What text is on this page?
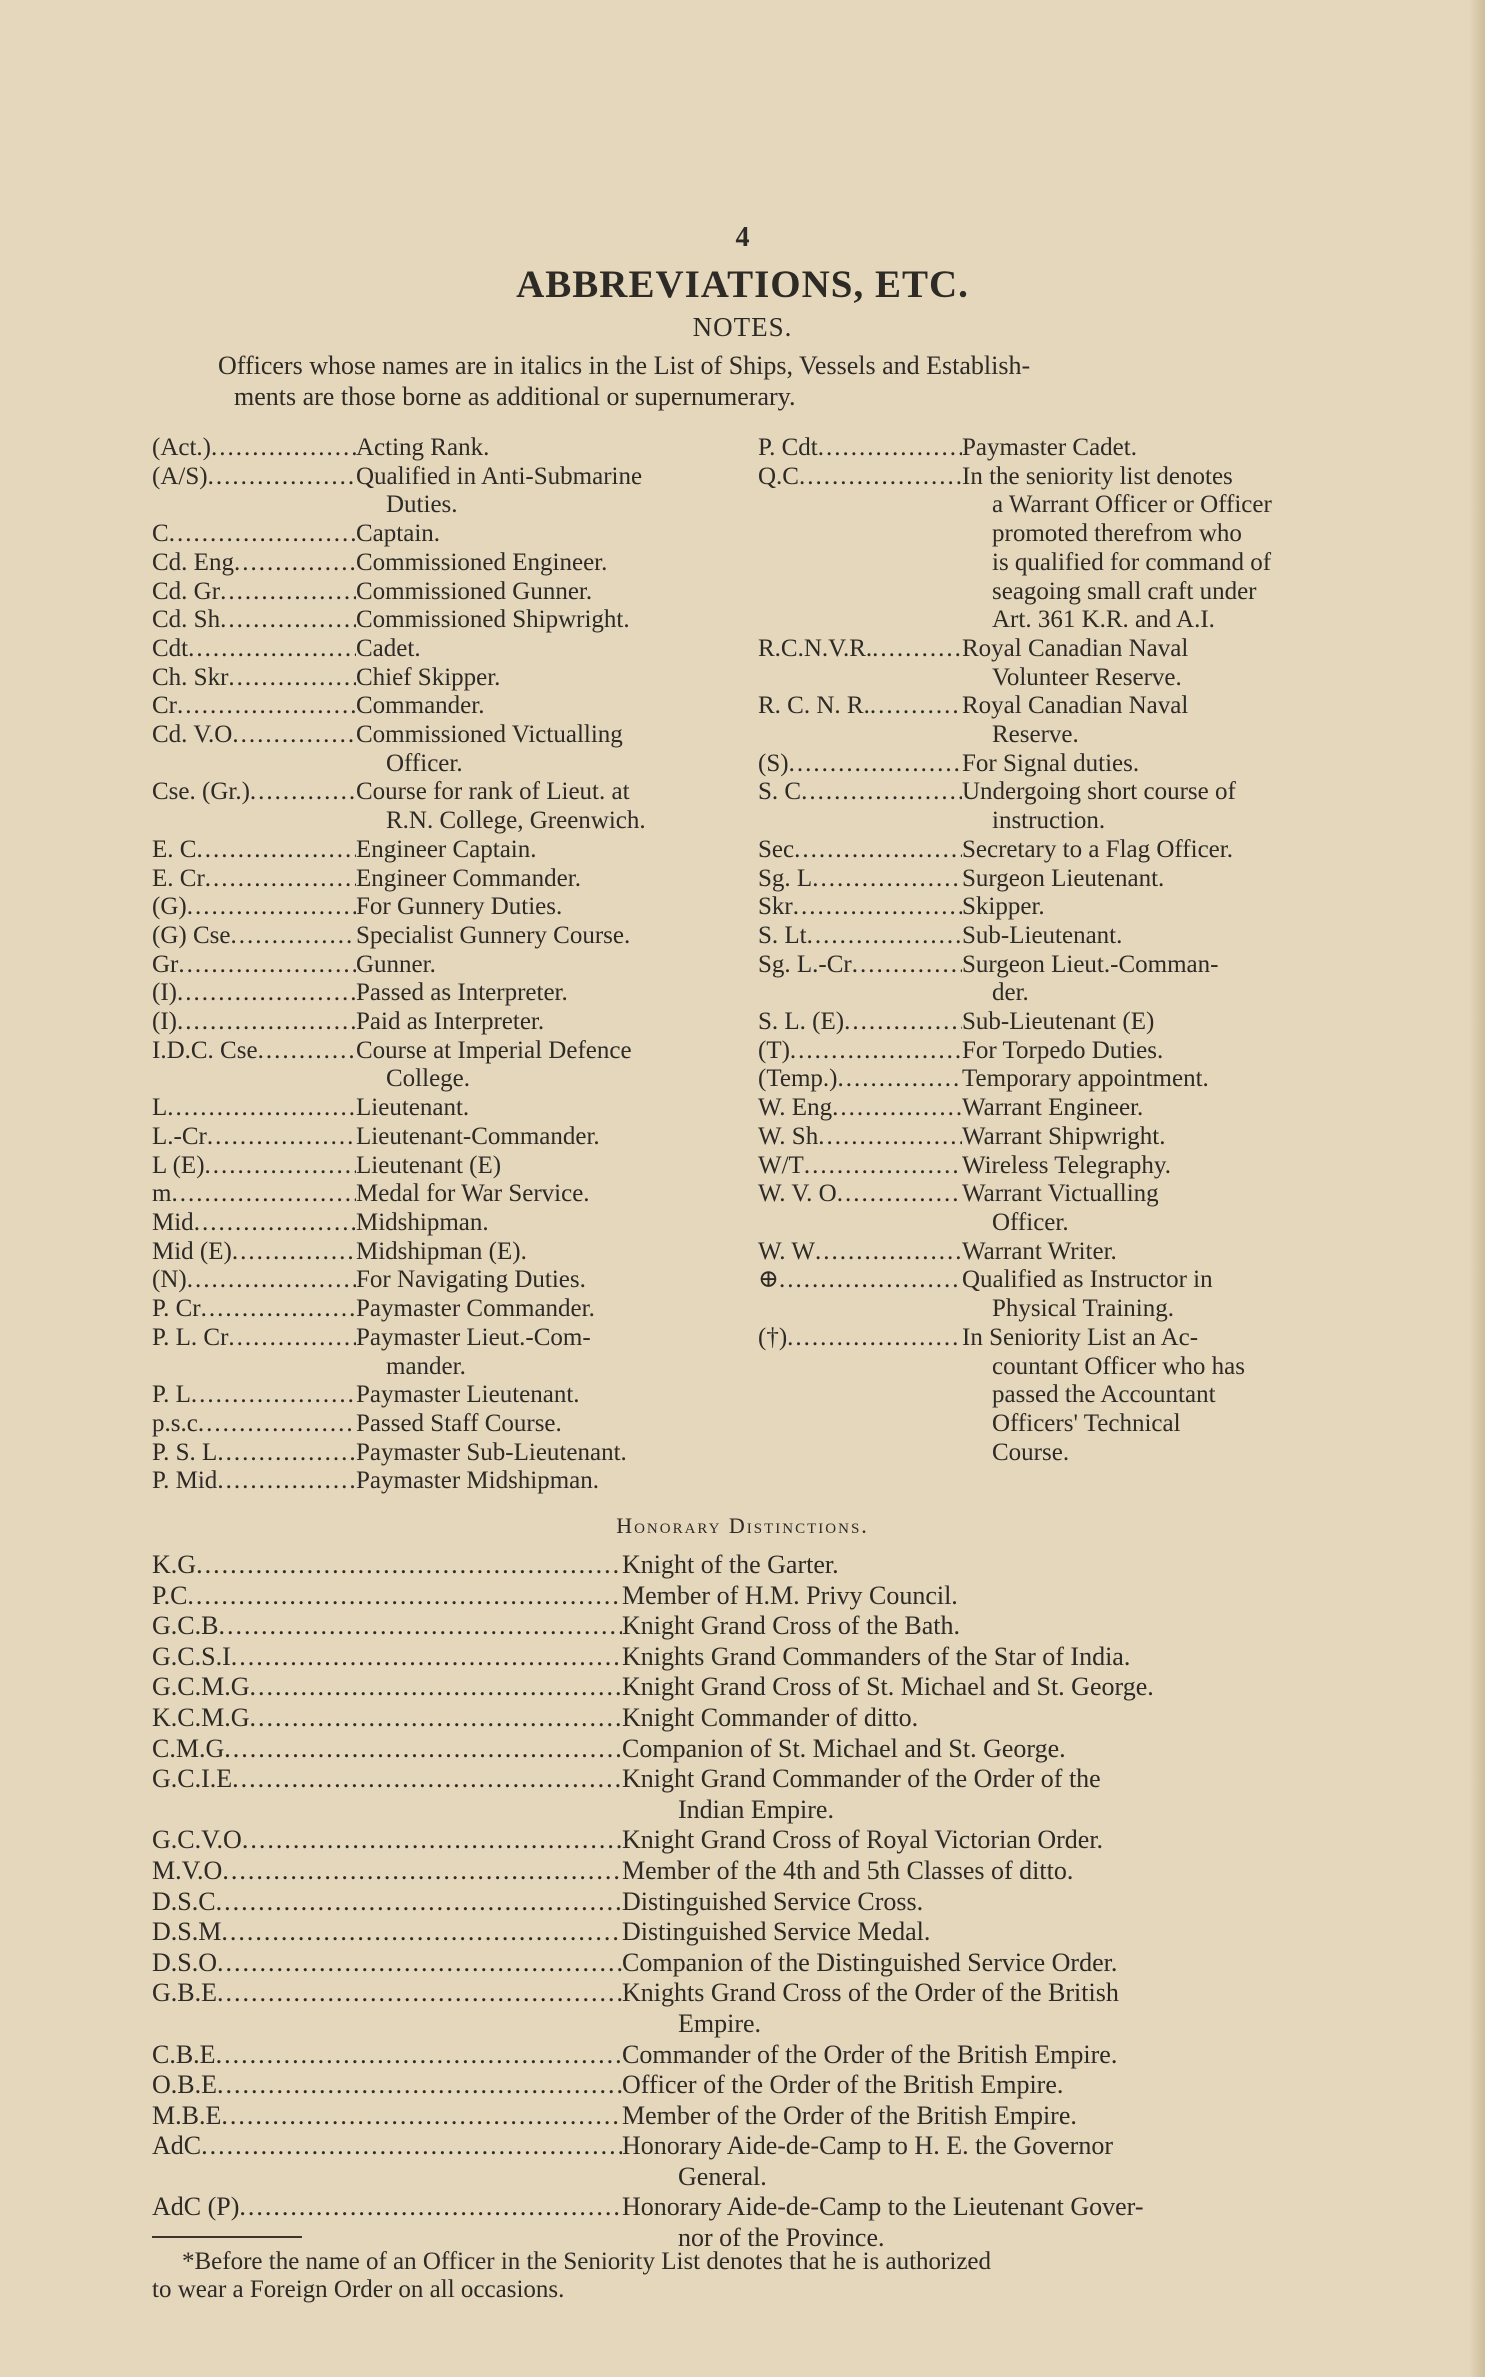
4
ABBREVIATIONS, ETC.
NOTES.
Officers whose names are in italics in the List of Ships, Vessels and Establish-
ments are those borne as additional or supernumerary.
(Act.) .....	Acting Rank.
(A/S) .....	Qualified in Anti-Submarine
Duties.
C .....	Captain.
Cd. Eng .....	Commissioned Engineer.
Cd. Gr .....	Commissioned Gunner.
Cd. Sh .....	Commissioned Shipwright.
Cdt .....	Cadet.
Ch. Skr .....	Chief Skipper.
Cr .....	Commander.
Cd. V.O .....	Commissioned Victualling
Officer.
Cse. (Gr.) .....	Course for rank of Lieut. at
R.N. College, Greenwich.
E. C .....	Engineer Captain.
E. Cr .....	Engineer Commander.
(G) .....	For Gunnery Duties.
(G) Cse .....	Specialist Gunnery Course.
Gr .....	Gunner.
(I) .....	Passed as Interpreter.
(I) .....	Paid as Interpreter.
I.D.C. Cse .....	Course at Imperial Defence
College.
L .....	Lieutenant.
L.-Cr .....	Lieutenant-Commander.
L (E) .....	Lieutenant (E)
m .....	Medal for War Service.
Mid .....	Midshipman.
Mid (E) .....	Midshipman (E).
(N) .....	For Navigating Duties.
P. Cr .....	Paymaster Commander.
P. L. Cr .....	Paymaster Lieut.-Com-
mander.
P. L .....	Paymaster Lieutenant.
p.s.c .....	Passed Staff Course.
P. S. L .....	Paymaster Sub-Lieutenant.
P. Mid .....	Paymaster Midshipman.
P. Cdt .....	Paymaster Cadet.
Q.C .....	In the seniority list denotes
a Warrant Officer or Officer
promoted therefrom who
is qualified for command of
seagoing small craft under
Art. 361 K.R. and A.I.
R.C.N.V.R. .....	Royal Canadian Naval
Volunteer Reserve.
R. C. N. R. .....	Royal Canadian Naval
Reserve.
(S) .....	For Signal duties.
S. C .....	Undergoing short course of
instruction.
Sec .....	Secretary to a Flag Officer.
Sg. L .....	Surgeon Lieutenant.
Skr .....	Skipper.
S. Lt .....	Sub-Lieutenant.
Sg. L.-Cr .....	Surgeon Lieut.-Comman-
der.
S. L. (E) .....	Sub-Lieutenant (E)
(T) .....	For Torpedo Duties.
(Temp.) .....	Temporary appointment.
W. Eng .....	Warrant Engineer.
W. Sh .....	Warrant Shipwright.
W/T .....	Wireless Telegraphy.
W. V. O .....	Warrant Victualling
Officer.
W. W .....	Warrant Writer.
⊕ .....	Qualified as Instructor in
Physical Training.
(†) .....	In Seniority List an Ac-
countant Officer who has
passed the Accountant
Officers' Technical
Course.
Honorary Distinctions.
K.G .....	Knight of the Garter.
P.C .....	Member of H.M. Privy Council.
G.C.B .....	Knight Grand Cross of the Bath.
G.C.S.I .....	Knights Grand Commanders of the Star of India.
G.C.M.G .....	Knight Grand Cross of St. Michael and St. George.
K.C.M.G .....	Knight Commander of ditto.
C.M.G .....	Companion of St. Michael and St. George.
G.C.I.E .....	Knight Grand Commander of the Order of the
Indian Empire.
G.C.V.O .....	Knight Grand Cross of Royal Victorian Order.
M.V.O .....	Member of the 4th and 5th Classes of ditto.
D.S.C .....	Distinguished Service Cross.
D.S.M .....	Distinguished Service Medal.
D.S.O .....	Companion of the Distinguished Service Order.
G.B.E .....	Knights Grand Cross of the Order of the British
Empire.
C.B.E .....	Commander of the Order of the British Empire.
O.B.E .....	Officer of the Order of the British Empire.
M.B.E .....	Member of the Order of the British Empire.
AdC .....	Honorary Aide-de-Camp to H. E. the Governor
General.
AdC (P) .....	Honorary Aide-de-Camp to the Lieutenant Gover-
nor of the Province.
*Before the name of an Officer in the Seniority List denotes that he is authorized
to wear a Foreign Order on all occasions.
